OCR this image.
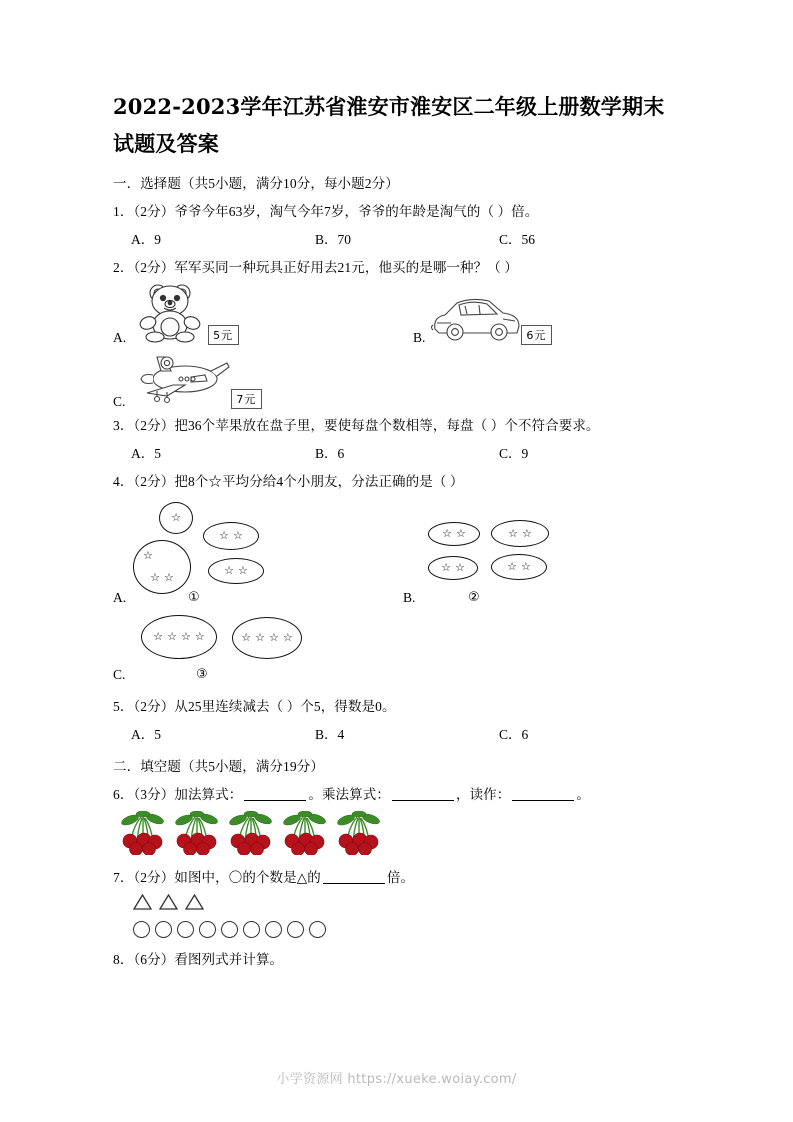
2022-2023学年江苏省淮安市淮安区二年级上册数学期末试题及答案
一．选择题（共5小题，满分10分，每小题2分）
1．（2分）爷爷今年63岁，淘气今年7岁，爷爷的年龄是淘气的（ ）倍。
A．9	B．70	C．56
2．（2分）军军买同一种玩具正好用去21元，他买的是哪一种？（ ）
A.	5元	B.	6元
C.	7元
3．（2分）把36个苹果放在盘子里，要使每盘个数相等，每盘（ ）个不符合要求。
A．5	B．6	C．9
4．（2分）把8个☆平均分给4个小朋友，分法正确的是（ ）
☆
☆ ☆
☆
☆ ☆
☆ ☆
A.	①
☆ ☆	☆ ☆
☆ ☆	☆ ☆
B.	②
☆ ☆ ☆ ☆	☆ ☆ ☆ ☆
C.	③
5．（2分）从25里连续减去（ ）个5，得数是0。
A．5	B．4	C．6
二．填空题（共5小题，满分19分）
6．（3分）加法算式：	。乘法算式：	，读作：	。
7．（2分）如图中，〇的个数是△的	倍。
8．（6分）看图列式并计算。
小学资源网 https://xueke.woiay.com/
